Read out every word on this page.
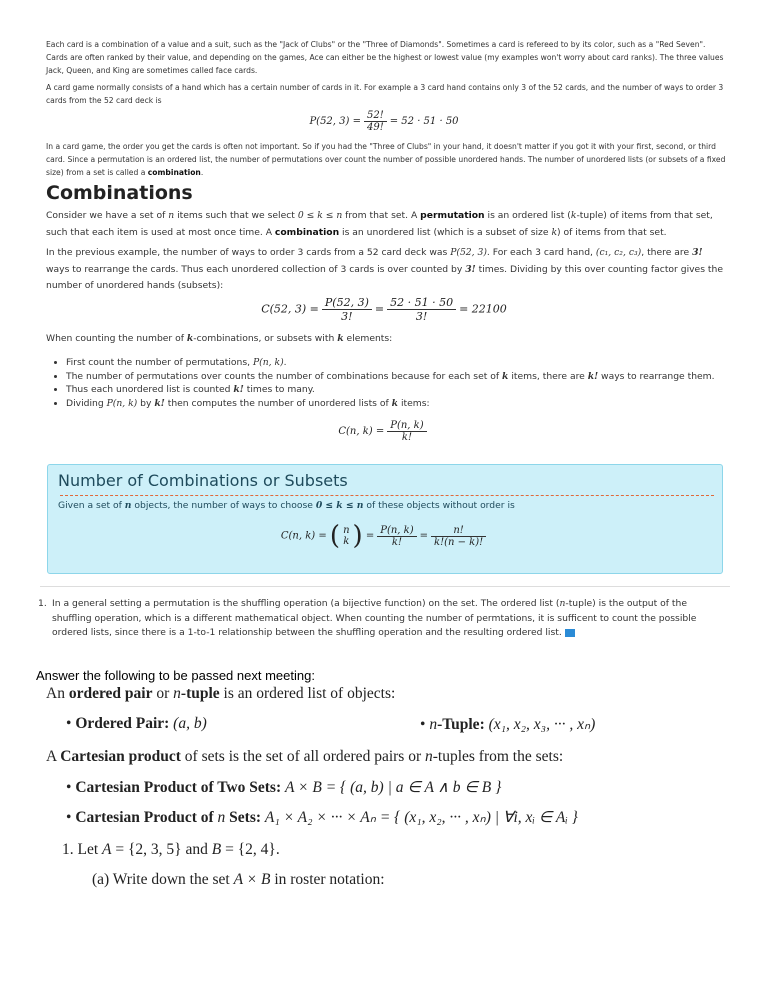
Each card is a combination of a value and a suit, such as the "Jack of Clubs" or the "Three of Diamonds". Sometimes a card is refereed to by its color, such as a "Red Seven". Cards are often ranked by their value, and depending on the games, Ace can either be the highest or lowest value (my examples won't worry about card ranks). The three values Jack, Queen, and King are sometimes called face cards.
A card game normally consists of a hand which has a certain number of cards in it. For example a 3 card hand contains only 3 of the 52 cards, and the number of ways to order 3 cards from the 52 card deck is
P(52, $3) = \frac{52!}{49!} = 52 \cdot 51 \cdot 50$
In a card game, the order you get the cards is often not important. So if you had the "Three of Clubs" in your hand, it doesn't matter if you got it with your first, second, or third card. Since a permutation is an ordered list, the number of permutations over count the number of possible unordered hands. The number of unordered lists (or subsets of a fixed size) from a set is called a combination.
Combinations
Consider we have a set of n items such that we select 0 ≤ k ≤ n from that set. A permutation is an ordered list (k-tuple) of items from that set, such that each item is used at most once time. A combination is an unordered list (which is a subset of size k) of items from that set.
In the previous example, the number of ways to order 3 cards from a 52 card deck was P(52, 3). For each 3 card hand, (c₁, c₂, c₃), there are 3! ways to rearrange the cards. Thus each unordered collection of 3 cards is over counted by 3! times. Dividing by this over counting factor gives the number of unordered hands (subsets):
C(52, $3) = \frac{P(52, 3)}{3!} = \frac{52 \cdot 51 \cdot 50}{3!} = 22100$
When counting the number of k-combinations, or subsets with k elements:
• First count the number of permutations, P(n, k).
• The number of permutations over counts the number of combinations because for each set of k items, there are k! ways to rearrange them.
• Thus each unordered list is counted k! times to many.
• Dividing P(n, k) by k! then computes the number of unordered lists of k items:
C(n, $k) = \frac{P(n, k)}{k!}$
Number of Combinations or Subsets
Given a set of n objects, the number of ways to choose 0 ≤ k ≤ n of these objects without order is
C(n, k) = ( n
k ) = $\frac{P(n, k)}{k!} = \frac{n!}{k!(n - k)!}$
1. In a general setting a permutation is the shuffling operation (a bijective function) on the set. The ordered list (n-tuple) is the output of the shuffling operation, which is a different mathematical object. When counting the number of permtations, it is sufficent to count the possible ordered lists, since there is a 1-to-1 relationship between the shuffling operation and the resulting ordered list.
Answer the following to be passed next meeting:
An ordered pair or n-tuple is an ordered list of objects:
• Ordered Pair: (a, b)	• n-Tuple: (x₁, x₂, x₃, ··· , xₙ)
A Cartesian product of sets is the set of all ordered pairs or n-tuples from the sets:
• Cartesian Product of Two Sets: A × B = { (a, b) | a ∈ A ∧ b ∈ B }
• Cartesian Product of n Sets: A₁ × A₂ × ··· × Aₙ = { (x₁, x₂, ··· , xₙ) | ∀i, xᵢ ∈ Aᵢ }
1. Let A = {2, 3, 5} and B = {2, 4}.
(a) Write down the set A × B in roster notation:
